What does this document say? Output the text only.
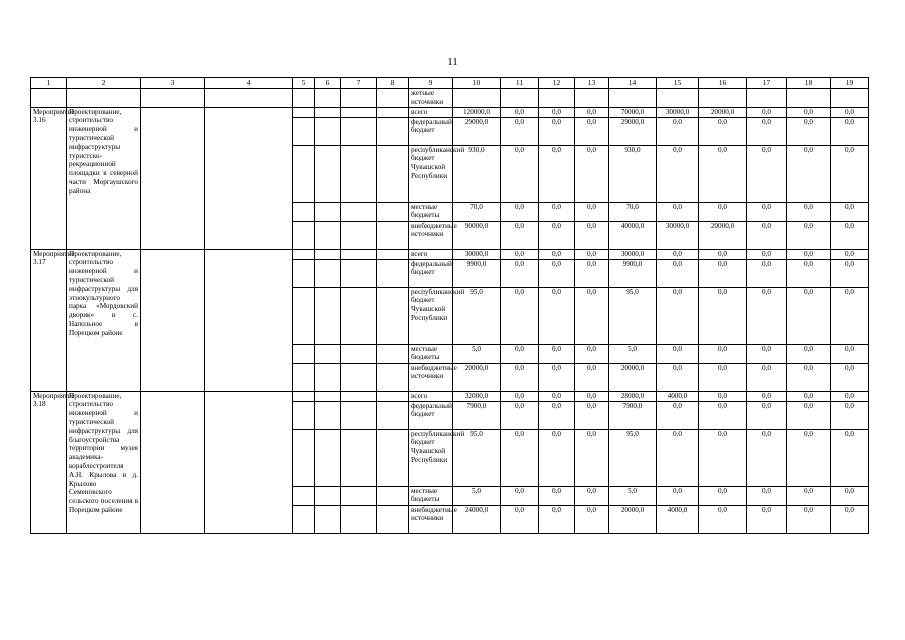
11
1	2	3	4	5	6	7	8	9	10	11	12	13	14	15	16	17	18	19
								жетные источники										
Мероприятие 3.16	Проектирование, строительство инженерной и туристической инфраструктуры туристско-рекреационной площадки в северной части Моргаушского района							всего	120000,0	0,0	0,0	0,0	70000,0	30000,0	20000,0	0,0	0,0	0,0
								федеральный бюджет	29000,0	0,0	0,0	0,0	29000,0	0,0	0,0	0,0	0,0	0,0
								республиканский бюджет Чувашской Республики	930,0	0,0	0,0	0,0	930,0	0,0	0,0	0,0	0,0	0,0
								местные бюджеты	70,0	0,0	0,0	0,0	70,0	0,0	0,0	0,0	0,0	0,0
								внебюджетные источники	90000,0	0,0	0,0	0,0	40000,0	30000,0	20000,0	0,0	0,0	0,0
Мероприятие 3.17	Проектирование, строительство инженерной и туристической инфраструктуры для этнокультурного парка «Мордовский дворик» в с. Напольное в Порецком районе							всего	30000,0	0,0	0,0	0,0	30000,0	0,0	0,0	0,0	0,0	0,0
								федеральный бюджет	9900,0	0,0	0,0	0,0	9900,0	0,0	0,0	0,0	0,0	0,0
								республиканский бюджет Чувашской Республики	95,0	0,0	0,0	0,0	95,0	0,0	0,0	0,0	0,0	0,0
								местные бюджеты	5,0	0,0	0,0	0,0	5,0	0,0	0,0	0,0	0,0	0,0
								внебюджетные источники	20000,0	0,0	0,0	0,0	20000,0	0,0	0,0	0,0	0,0	0,0
Мероприятие 3.18	Проектирование, строительство инженерной и туристической инфраструктуры для благоустройства территории музея академика-кораблестроителя А.Н. Крылова в д. Крылово Семеновского сельского поселения в Порецком районе							всего	32000,0	0,0	0,0	0,0	28000,0	4000,0	0,0	0,0	0,0	0,0
								федеральный бюджет	7900,0	0,0	0,0	0,0	7900,0	0,0	0,0	0,0	0,0	0,0
								республиканский бюджет Чувашской Республики	95,0	0,0	0,0	0,0	95,0	0,0	0,0	0,0	0,0	0,0
								местные бюджеты	5,0	0,0	0,0	0,0	5,0	0,0	0,0	0,0	0,0	0,0
								внебюджетные источники	24000,0	0,0	0,0	0,0	20000,0	4000,0	0,0	0,0	0,0	0,0
